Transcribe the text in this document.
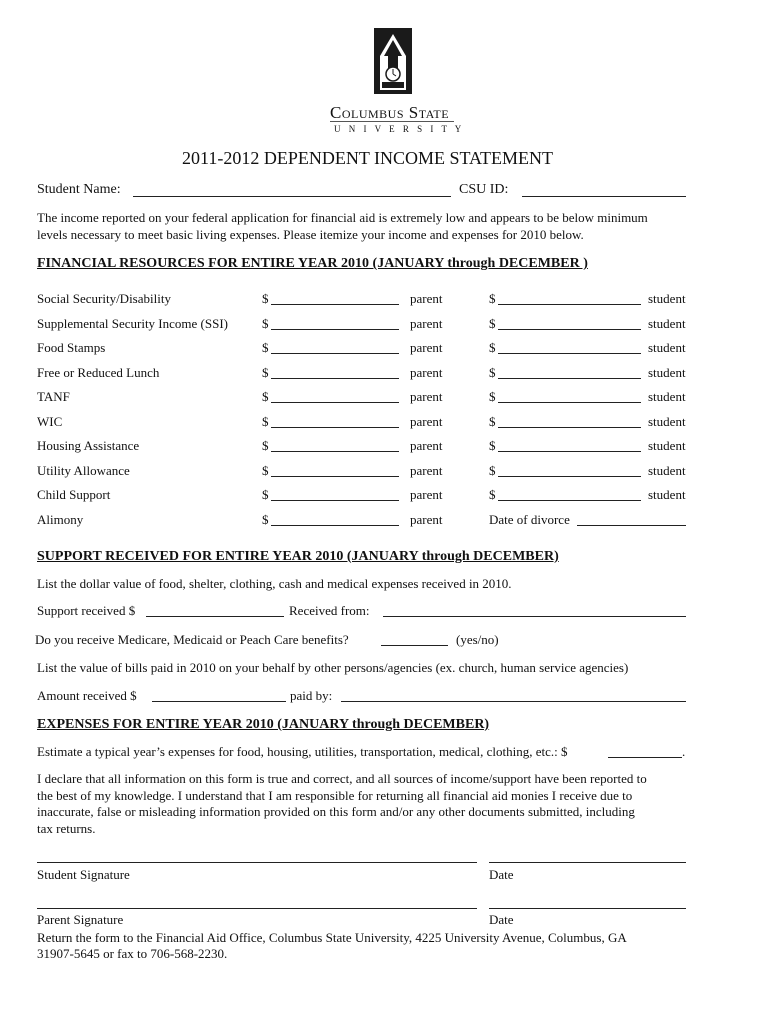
Columbus State
U N I V E R S I T Y
2011-2012 DEPENDENT INCOME STATEMENT
Student Name:	CSU ID:
The income reported on your federal application for financial aid is extremely low and appears to be below minimum
levels necessary to meet basic living expenses. Please itemize your income and expenses for 2010 below.
FINANCIAL RESOURCES FOR ENTIRE YEAR 2010 (JANUARY through DECEMBER )
Social Security/Disability	$	parent	$	student
Supplemental Security Income (SSI)	$	parent	$	student
Food Stamps	$	parent	$	student
Free or Reduced Lunch	$	parent	$	student
TANF	$	parent	$	student
WIC	$	parent	$	student
Housing Assistance	$	parent	$	student
Utility Allowance	$	parent	$	student
Child Support	$	parent	$	student
Alimony	$	parent	Date of divorce
SUPPORT RECEIVED FOR ENTIRE YEAR 2010 (JANUARY through DECEMBER)
List the dollar value of food, shelter, clothing, cash and medical expenses received in 2010.
Support received $	Received from:
Do you receive Medicare, Medicaid or Peach Care benefits?	(yes/no)
List the value of bills paid in 2010 on your behalf by other persons/agencies (ex. church, human service agencies)
Amount received $	paid by:
EXPENSES FOR ENTIRE YEAR 2010 (JANUARY through DECEMBER)
Estimate a typical year’s expenses for food, housing, utilities, transportation, medical, clothing, etc.: $	.
I declare that all information on this form is true and correct, and all sources of income/support have been reported to
the best of my knowledge. I understand that I am responsible for returning all financial aid monies I receive due to
inaccurate, false or misleading information provided on this form and/or any other documents submitted, including
tax returns.
Student Signature	Date
Parent Signature	Date
Return the form to the Financial Aid Office, Columbus State University, 4225 University Avenue, Columbus, GA
31907-5645 or fax to 706-568-2230.
